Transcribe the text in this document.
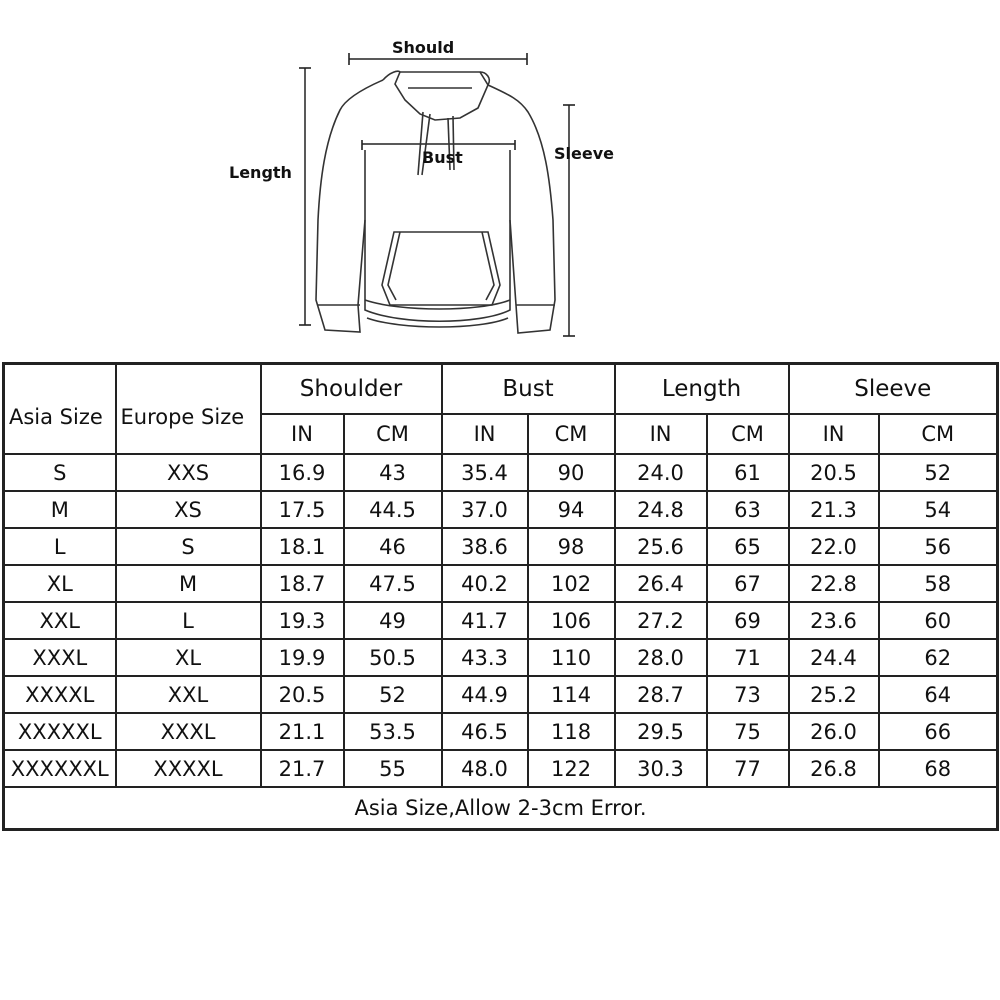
Should
Bust
Length
Sleeve
Asia Size	Europe Size	Shoulder		Bust		Length		Sleeve	
		IN	CM	IN	CM	IN	CM	IN	CM
S	XXS	16.9	43	35.4	90	24.0	61	20.5	52
M	XS	17.5	44.5	37.0	94	24.8	63	21.3	54
L	S	18.1	46	38.6	98	25.6	65	22.0	56
XL	M	18.7	47.5	40.2	102	26.4	67	22.8	58
XXL	L	19.3	49	41.7	106	27.2	69	23.6	60
XXXL	XL	19.9	50.5	43.3	110	28.0	71	24.4	62
XXXXL	XXL	20.5	52	44.9	114	28.7	73	25.2	64
XXXXXL	XXXL	21.1	53.5	46.5	118	29.5	75	26.0	66
XXXXXXL	XXXXL	21.7	55	48.0	122	30.3	77	26.8	68
Asia Size,Allow 2-3cm Error.									
